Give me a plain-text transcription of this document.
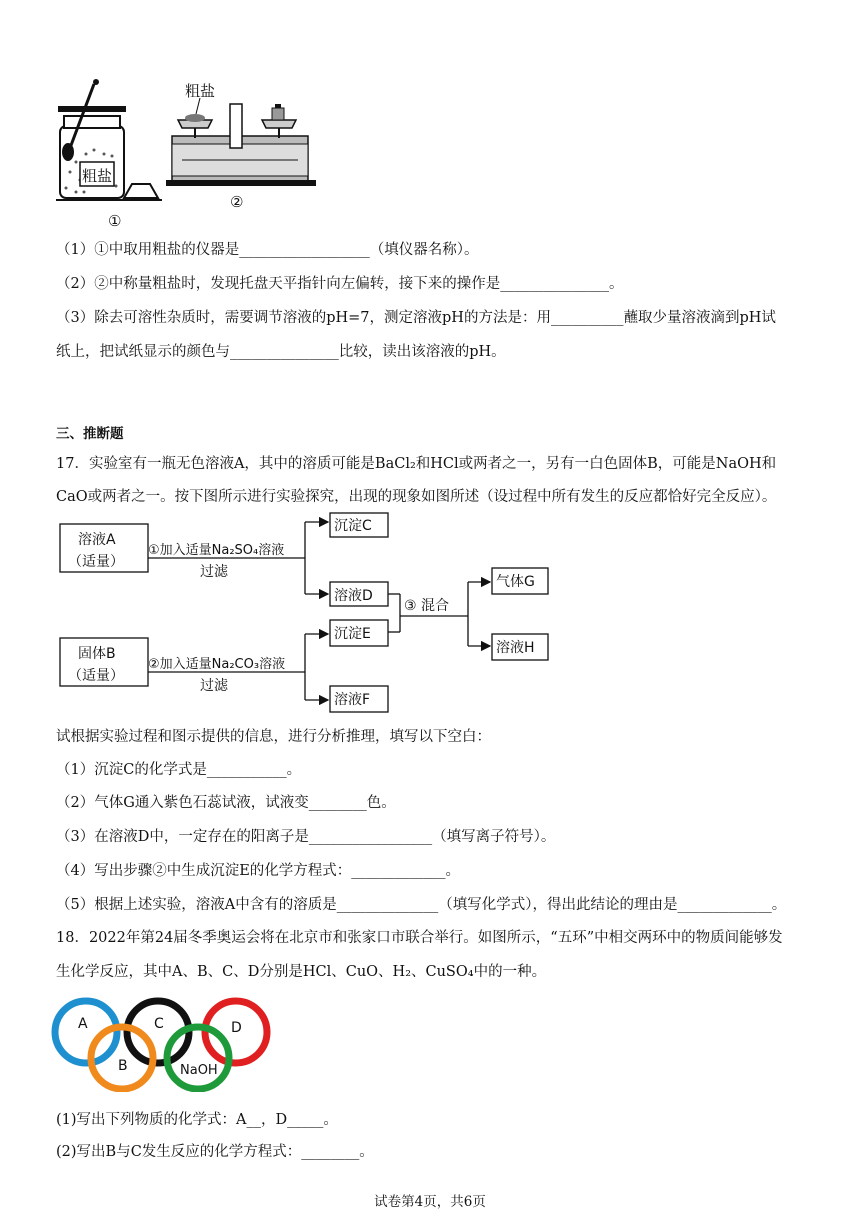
粗盐
粗盐
①
②
（1）①中取用粗盐的仪器是__________________（填仪器名称）。
（2）②中称量粗盐时，发现托盘天平指针向左偏转，接下来的操作是_______________。
（3）除去可溶性杂质时，需要调节溶液的pH=7，测定溶液pH的方法是：用__________蘸取少量溶液滴到pH试
纸上，把试纸显示的颜色与_______________比较，读出该溶液的pH。
三、推断题
17．实验室有一瓶无色溶液A，其中的溶质可能是BaCl₂和HCl或两者之一，另有一白色固体B，可能是NaOH和
CaO或两者之一。按下图所示进行实验探究，出现的现象如图所述（设过程中所有发生的反应都恰好完全反应）。
溶液A
（适量）
①加入适量Na₂SO₄溶液
过滤
沉淀C
溶液D
③ 混合
气体G
溶液H
固体B
（适量）
②加入适量Na₂CO₃溶液
过滤
沉淀E
溶液F
试根据实验过程和图示提供的信息，进行分析推理，填写以下空白：
（1）沉淀C的化学式是___________。
（2）气体G通入紫色石蕊试液，试液变________色。
（3）在溶液D中，一定存在的阳离子是_________________（填写离子符号）。
（4）写出步骤②中生成沉淀E的化学方程式：_____________。
（5）根据上述实验，溶液A中含有的溶质是______________（填写化学式），得出此结论的理由是_____________。
18．2022年第24届冬季奥运会将在北京市和张家口市联合举行。如图所示，“五环”中相交两环中的物质间能够发
生化学反应，其中A、B、C、D分别是HCl、CuO、H₂、CuSO₄中的一种。
A	C	D
B	NaOH
(1)写出下列物质的化学式：A__，D_____。
(2)写出B与C发生反应的化学方程式：________。
试卷第4页，共6页
